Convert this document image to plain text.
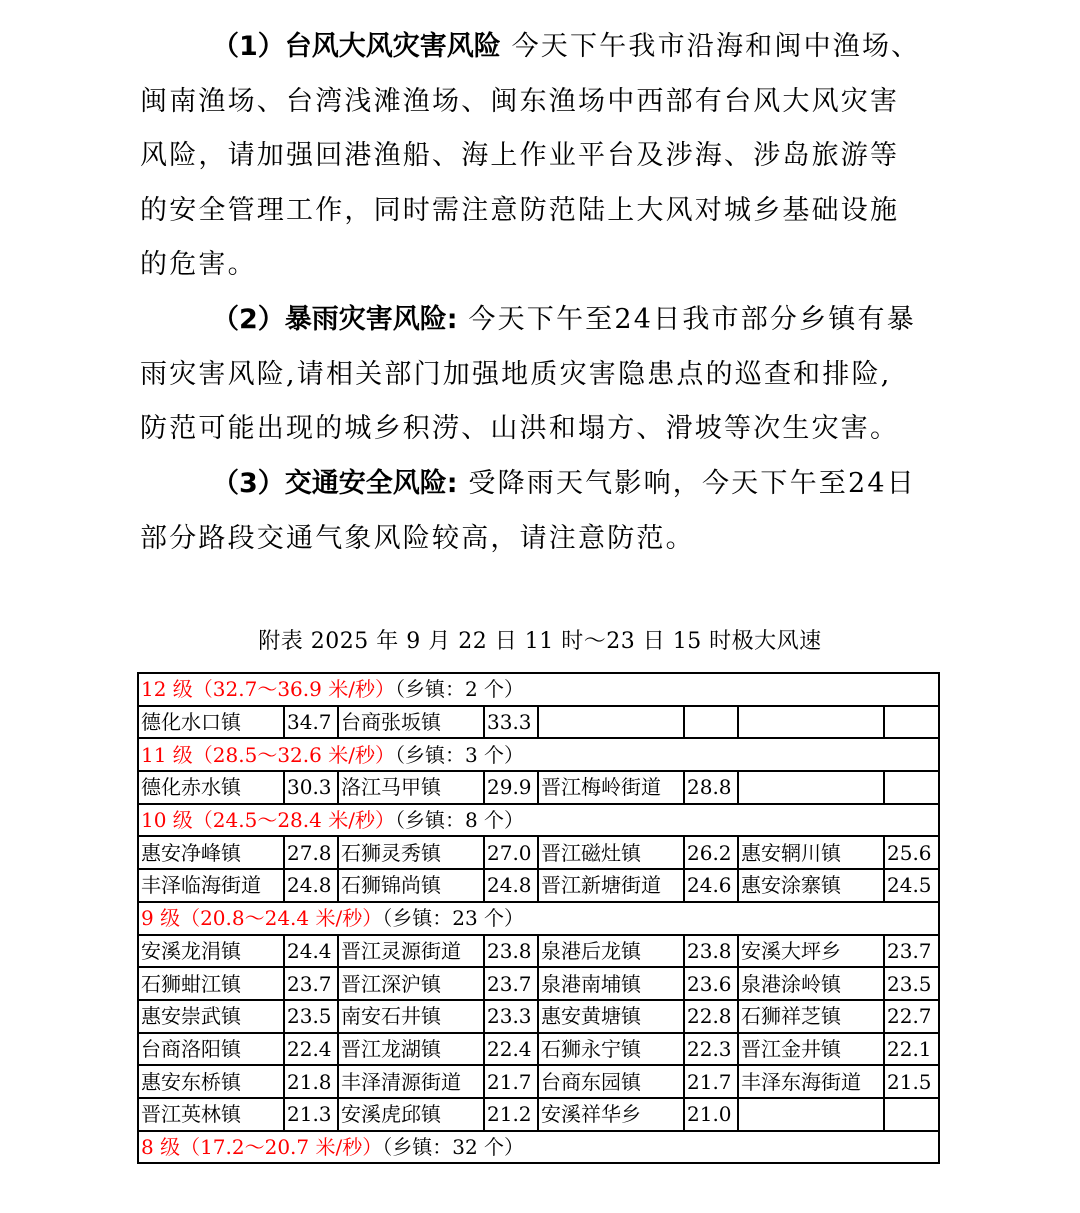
（1）台风大风灾害风险 今天下午我市沿海和闽中渔场、
闽南渔场、台湾浅滩渔场、闽东渔场中西部有台风大风灾害
风险，请加强回港渔船、海上作业平台及涉海、涉岛旅游等
的安全管理工作，同时需注意防范陆上大风对城乡基础设施
的危害。
（2）暴雨灾害风险: 今天下午至24日我市部分乡镇有暴
雨灾害风险,请相关部门加强地质灾害隐患点的巡查和排险,
防范可能出现的城乡积涝、山洪和塌方、滑坡等次生灾害。
（3）交通安全风险: 受降雨天气影响，今天下午至24日
部分路段交通气象风险较高，请注意防范。
附表 2025 年 9 月 22 日 11 时～23 日 15 时极大风速
12 级（32.7～36.9 米/秒）（乡镇：2 个）							
德化水口镇	34.7	台商张坂镇	33.3				
11 级（28.5～32.6 米/秒）（乡镇：3 个）							
德化赤水镇	30.3	洛江马甲镇	29.9	晋江梅岭街道	28.8		
10 级（24.5～28.4 米/秒）（乡镇：8 个）							
惠安净峰镇	27.8	石狮灵秀镇	27.0	晋江磁灶镇	26.2	惠安辋川镇	25.6
丰泽临海街道	24.8	石狮锦尚镇	24.8	晋江新塘街道	24.6	惠安涂寨镇	24.5
9 级（20.8～24.4 米/秒）（乡镇：23 个）							
安溪龙涓镇	24.4	晋江灵源街道	23.8	泉港后龙镇	23.8	安溪大坪乡	23.7
石狮蚶江镇	23.7	晋江深沪镇	23.7	泉港南埔镇	23.6	泉港涂岭镇	23.5
惠安崇武镇	23.5	南安石井镇	23.3	惠安黄塘镇	22.8	石狮祥芝镇	22.7
台商洛阳镇	22.4	晋江龙湖镇	22.4	石狮永宁镇	22.3	晋江金井镇	22.1
惠安东桥镇	21.8	丰泽清源街道	21.7	台商东园镇	21.7	丰泽东海街道	21.5
晋江英林镇	21.3	安溪虎邱镇	21.2	安溪祥华乡	21.0		
8 级（17.2～20.7 米/秒）（乡镇：32 个）							
